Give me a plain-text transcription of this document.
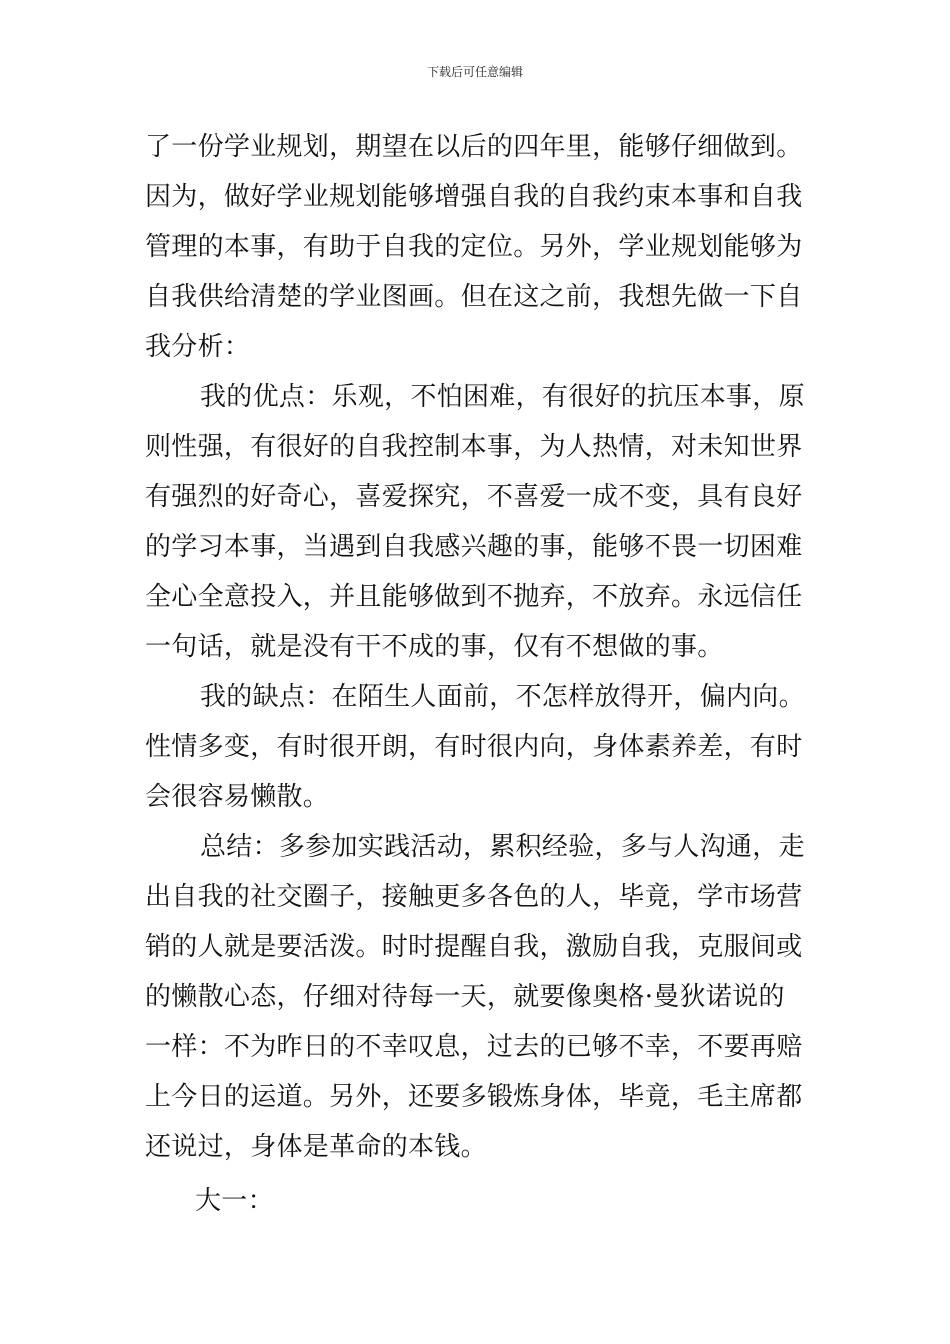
下载后可任意编辑
了一份学业规划，期望在以后的四年里，能够仔细做到。
因为，做好学业规划能够增强自我的自我约束本事和自我
管理的本事，有助于自我的定位。另外，学业规划能够为
自我供给清楚的学业图画。但在这之前，我想先做一下自
我分析：
我的优点：乐观，不怕困难，有很好的抗压本事，原
则性强，有很好的自我控制本事，为人热情，对未知世界
有强烈的好奇心，喜爱探究，不喜爱一成不变，具有良好
的学习本事，当遇到自我感兴趣的事，能够不畏一切困难
全心全意投入，并且能够做到不抛弃，不放弃。永远信任
一句话，就是没有干不成的事，仅有不想做的事。
我的缺点：在陌生人面前，不怎样放得开，偏内向。
性情多变，有时很开朗，有时很内向，身体素养差，有时
会很容易懒散。
总结：多参加实践活动，累积经验，多与人沟通，走
出自我的社交圈子，接触更多各色的人，毕竟，学市场营
销的人就是要活泼。时时提醒自我，激励自我，克服间或
的懒散心态，仔细对待每一天，就要像奥格·曼狄诺说的
一样：不为昨日的不幸叹息，过去的已够不幸，不要再赔
上今日的运道。另外，还要多锻炼身体，毕竟，毛主席都
还说过，身体是革命的本钱。
大一：
